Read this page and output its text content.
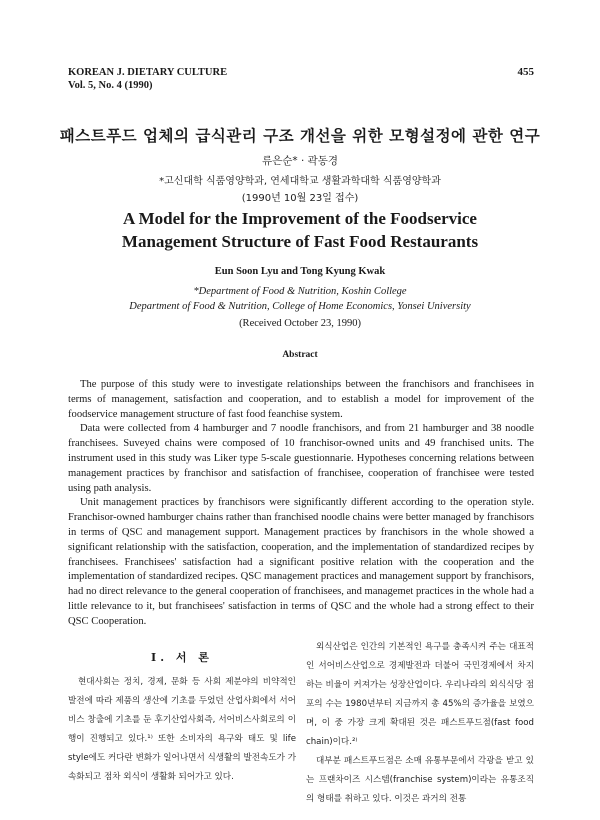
KOREAN J. DIETARY CULTURE
Vol. 5, No. 4 (1990)
455
패스트푸드 업체의 급식관리 구조 개선을 위한 모형설정에 관한 연구
류은순* · 곽동경
*고신대학 식품영양학과, 연세대학교 생활과학대학 식품영양학과
(1990년 10월 23일 접수)
A Model for the Improvement of the Foodservice
Management Structure of Fast Food Restaurants
Eun Soon Lyu and Tong Kyung Kwak
*Department of Food & Nutrition, Koshin College
Department of Food & Nutrition, College of Home Economics, Yonsei University
(Received October 23, 1990)
Abstract

The purpose of this study were to investigate relationships between the franchisors and franchisees in terms of management, satisfaction and cooperation, and to establish a model for improvement of the foodservice management structure of fast food feanchise system.

Data were collected from 4 hamburger and 7 noodle franchisors, and from 21 hamburger and 38 noodle franchisees. Suveyed chains were composed of 10 franchisor-owned units and 49 franchised units. The instrument used in this study was Liker type 5-scale guestionnarie. Hypotheses concerning relations between management practices by franchisor and satisfaction of franchisee, cooperation of franchisee were tested using path analysis.

Unit management practices by franchisors were significantly different according to the operation style. Franchisor-owned hamburger chains rather than franchised noodle chains were better managed by franchisors in terms of QSC and management support. Management practices by franchisors in the whole showed a significant relationship with the satisfaction, cooperation, and the implementation of standardized recipes by franchisees. Franchisees' satisfaction had a significant positive relation with the cooperation and the implementation of standardized recipes. QSC management practices and management support by franchisors, had no direct relevance to the general cooperation of franchisees, and managemet practices in the whole had a little relevance to it, but franchisees' satisfaction in terms of QSC and the whole had a strong effect to their QSC Cooperation.

I. 서 론

현대사회는 정치, 경제, 문화 등 사회 제분야의 비약적인 발전에 따라 제품의 생산에 기초를 두었던 산업사회에서 서어비스 창출에 기초를 둔 후기산업사회즉, 서어비스사회로의 이행이 진행되고 있다.¹⁾ 또한 소비자의 욕구와 태도 및 life style에도 커다란 변화가 일어나면서 식생활의 발전속도가 가속화되고 점차 외식이 생활화 되어가고 있다.

외식산업은 인간의 기본적인 욕구를 충족시켜 주는 대표적인 서어비스산업으로 경제발전과 더불어 국민경제에서 차지하는 비율이 커져가는 성장산업이다. 우리나라의 외식식당 점포의 수는 1980년부터 지금까지 총 45%의 증가율을 보였으며, 이 중 가장 크게 확대된 것은 패스트푸드점(fast food chain)이다.²⁾

대부분 패스트푸드점은 소매 유통부문에서 각광을 받고 있는 프랜차이즈 시스템(franchise system)이라는 유통조직의 형태를 취하고 있다. 이것은 과거의 전통
